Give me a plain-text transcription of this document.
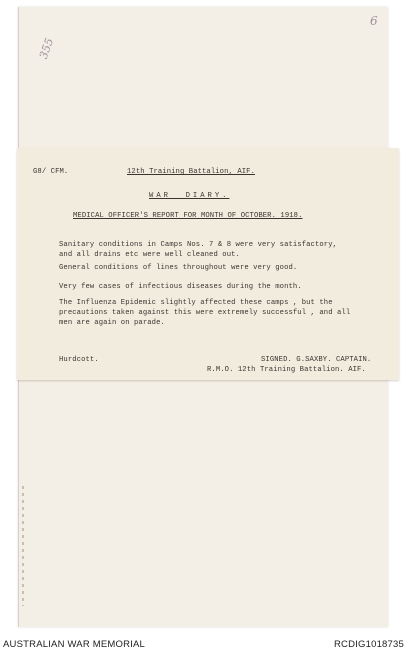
355
6
G8/ CFM.	12th Training Battalion, AIF.
WAR  DIARY.
MEDICAL OFFICER'S REPORT FOR MONTH OF OCTOBER. 1918.
Sanitary conditions in Camps Nos. 7 & 8 were very satisfactory,
and all drains etc were well cleaned out.
General conditions of lines throughout were very good.
Very few cases of infectious diseases during the month.
The Influenza Epidemic slightly affected these camps , but the
precautions taken against this were extremely successful , and all
men are again on parade.
Hurdcott.	SIGNED. G.SAXBY. CAPTAIN.
R.M.O. 12th Training Battalion. AIF.
AUSTRALIAN WAR MEMORIAL	RCDIG1018735
